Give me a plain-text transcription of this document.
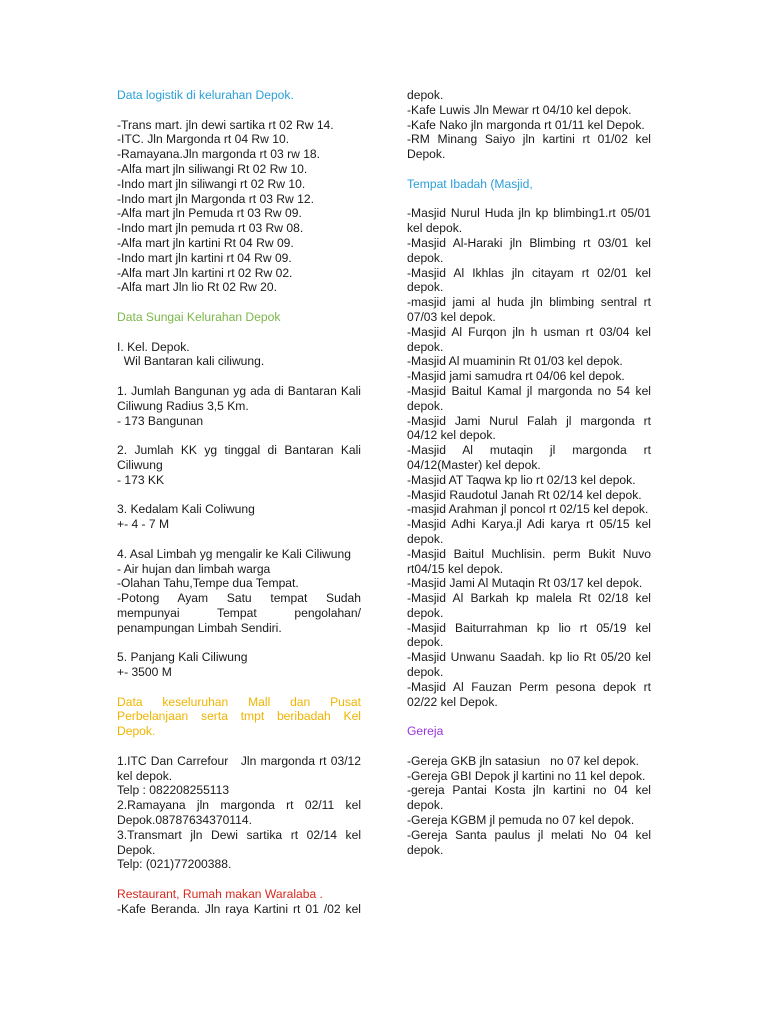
Data logistik di kelurahan Depok.

-Trans mart. jln dewi sartika rt 02 Rw 14.

-ITC. Jln Margonda rt 04 Rw 10.

-Ramayana.Jln margonda rt 03 rw 18.

-Alfa mart jln siliwangi Rt 02 Rw 10.

-Indo mart jln siliwangi rt 02 Rw 10.

-Indo mart jln Margonda rt 03 Rw 12.

-Alfa mart jln Pemuda rt 03 Rw 09.

-Indo mart jln pemuda rt 03 Rw 08.

-Alfa mart jln kartini Rt 04 Rw 09.

-Indo mart jln kartini rt 04 Rw 09.

-Alfa mart Jln kartini rt 02 Rw 02.

-Alfa mart Jln lio Rt 02 Rw 20.

Data Sungai Kelurahan Depok

I. Kel. Depok.

Wil Bantaran kali ciliwung.

1. Jumlah Bangunan yg ada di Bantaran Kali Ciliwung Radius 3,5 Km.

- 173 Bangunan

2. Jumlah KK yg tinggal di Bantaran Kali Ciliwung

- 173 KK

3. Kedalam Kali Coliwung

+- 4 - 7 M

4. Asal Limbah yg mengalir ke Kali Ciliwung

- Air hujan dan limbah warga

-Olahan Tahu,Tempe dua Tempat.

-Potong Ayam Satu tempat Sudah mempunyai Tempat pengolahan/ penampungan Limbah Sendiri.

5. Panjang Kali Ciliwung

+- 3500 M

Data keseluruhan Mall dan Pusat Perbelanjaan serta tmpt beribadah Kel Depok.

1.ITC Dan Carrefour   Jln margonda rt 03/12 kel depok.

Telp : 082208255113

2.Ramayana jln margonda rt 02/11 kel Depok.08787634370114.

3.Transmart jln Dewi sartika rt 02/14 kel Depok.

Telp: (021)77200388.

Restaurant, Rumah makan Waralaba .

-Kafe Beranda. Jln raya Kartini rt 01 /02 kel

depok.

-Kafe Luwis Jln Mewar rt 04/10 kel depok.

-Kafe Nako jln margonda rt 01/11 kel Depok.

-RM Minang Saiyo jln kartini rt 01/02 kel Depok.

Tempat Ibadah (Masjid,

-Masjid Nurul Huda jln kp blimbing1.rt 05/01 kel depok.

-Masjid Al-Haraki jln Blimbing rt 03/01 kel depok.

-Masjid Al Ikhlas jln citayam rt 02/01 kel depok.

-masjid jami al huda jln blimbing sentral rt 07/03 kel depok.

-Masjid Al Furqon jln h usman rt 03/04 kel depok.

-Masjid Al muaminin Rt 01/03 kel depok.

-Masjid jami samudra rt 04/06 kel depok.

-Masjid Baitul Kamal jl margonda no 54 kel depok.

-Masjid Jami Nurul Falah jl margonda rt 04/12 kel depok.

-Masjid Al mutaqin jl margonda rt 04/12(Master) kel depok.

-Masjid AT Taqwa kp lio rt 02/13 kel depok.

-Masjid Raudotul Janah Rt 02/14 kel depok.

-masjid Arahman jl poncol rt 02/15 kel depok.

-Masjid Adhi Karya.jl Adi karya rt 05/15 kel depok.

-Masjid Baitul Muchlisin. perm Bukit Nuvo rt04/15 kel depok.

-Masjid Jami Al Mutaqin Rt 03/17 kel depok.

-Masjid Al Barkah kp malela Rt 02/18 kel depok.

-Masjid Baiturrahman kp lio rt 05/19 kel depok.

-Masjid Unwanu Saadah. kp lio Rt 05/20 kel depok.

-Masjid Al Fauzan Perm pesona depok rt 02/22 kel Depok.

Gereja

-Gereja GKB jln satasiun   no 07 kel depok.

-Gereja GBI Depok jl kartini no 11 kel depok.

-gereja Pantai Kosta jln kartini no 04 kel depok.

-Gereja KGBM jl pemuda no 07 kel depok.

-Gereja Santa paulus jl melati No 04 kel depok.
